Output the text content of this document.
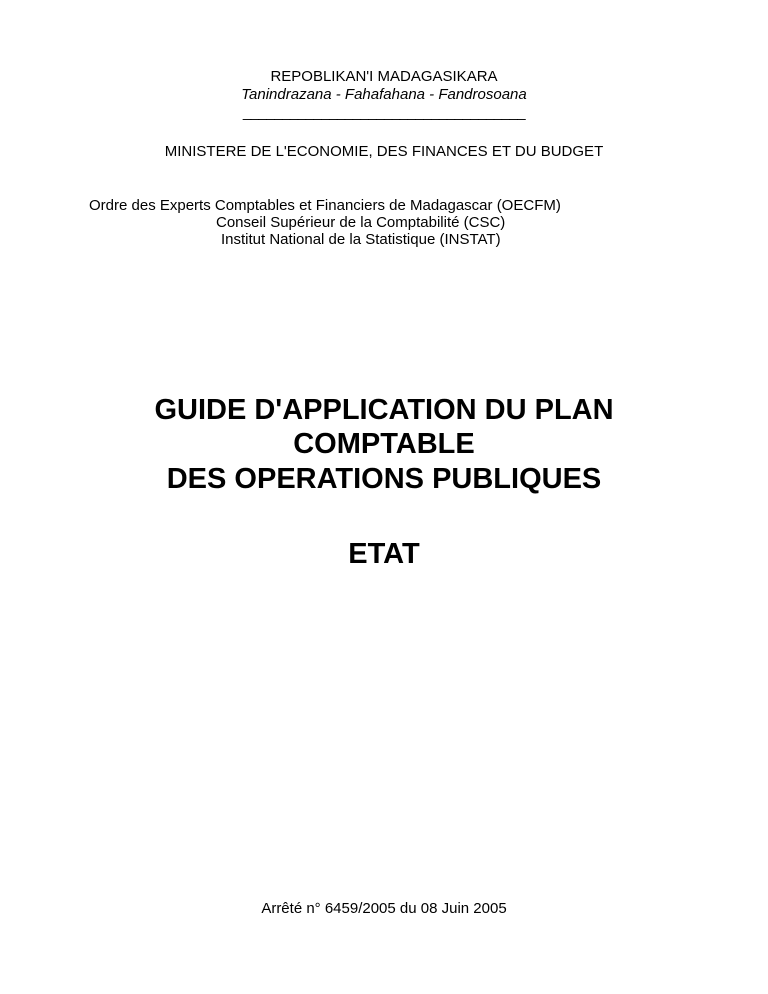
REPOBLIKAN'I MADAGASIKARA
Tanindrazana - Fahafahana - Fandrosoana
____________________________________
MINISTERE DE L'ECONOMIE, DES FINANCES ET DU BUDGET
Ordre des Experts Comptables et Financiers de Madagascar (OECFM)
Conseil Supérieur de la Comptabilité (CSC)
Institut National de la Statistique (INSTAT)
GUIDE D'APPLICATION DU PLAN
COMPTABLE
DES OPERATIONS PUBLIQUES
ETAT
Arrêté n° 6459/2005 du 08 Juin 2005
